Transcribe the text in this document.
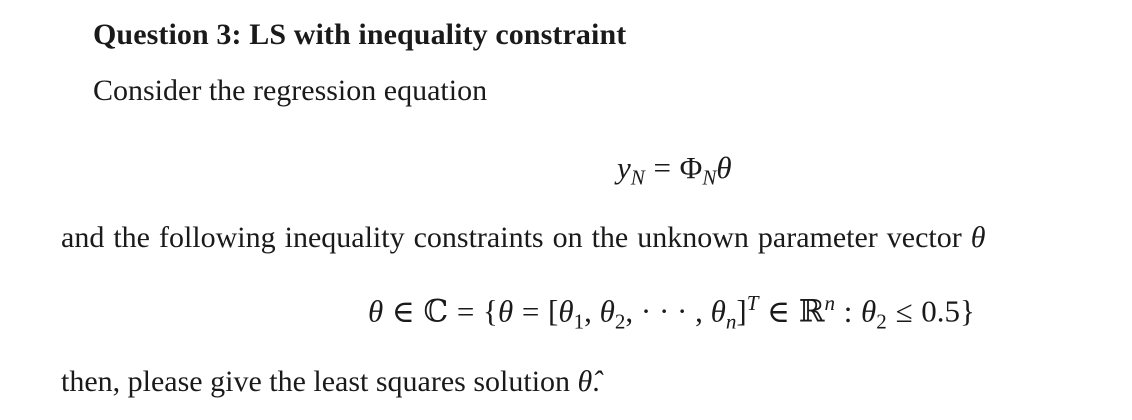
Question 3: LS with inequality constraint
Consider the regression equation
$y_N = \Phi_N\theta$
and the following inequality constraints on the unknown parameter vector θ
θ ∈ ℂ = {$\theta = [\theta_1$, $\theta_2$, · · · , $\theta_n]^T$ ∈ ℝ$^n$ : $\theta_2 \le 0.5$}
then, please give the least squares solution θ̂.
